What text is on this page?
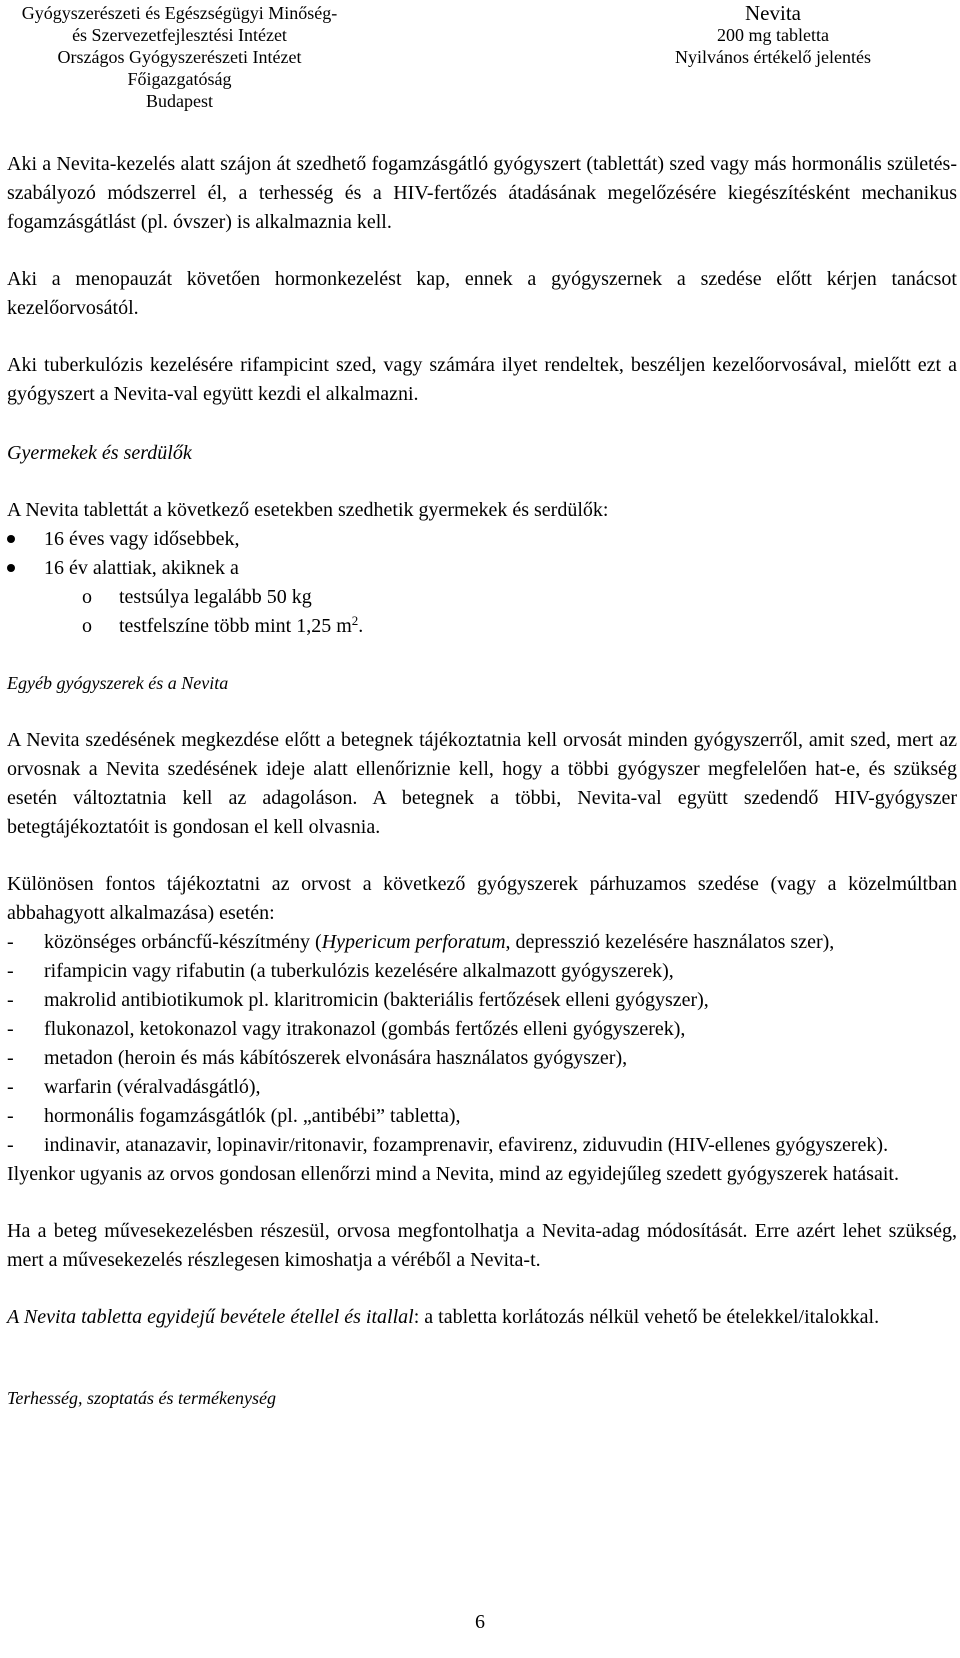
Gyógyszerészeti és Egészségügyi Minőség-
és Szervezetfejlesztési Intézet
Országos Gyógyszerészeti Intézet
Főigazgatóság
Budapest
Nevita
200 mg tabletta
Nyilvános értékelő jelentés

Aki a Nevita-kezelés alatt szájon át szedhető fogamzásgátló gyógyszert (tablettát) szed vagy más hormonális születés-szabályozó módszerrel él, a terhesség és a HIV-fertőzés átadásának megelőzésére kiegészítésként mechanikus fogamzásgátlást (pl. óvszer) is alkalmaznia kell.

Aki a menopauzát követően hormonkezelést kap, ennek a gyógyszernek a szedése előtt kérjen tanácsot kezelőorvosától.

Aki tuberkulózis kezelésére rifampicint szed, vagy számára ilyet rendeltek, beszéljen kezelőorvosával, mielőtt ezt a gyógyszert a Nevita-val együtt kezdi el alkalmazni.

Gyermekek és serdülők

A Nevita tablettát a következő esetekben szedhetik gyermekek és serdülők:

16 éves vagy idősebbek,
16 év alattiak, akiknek a
o testsúlya legalább 50 kg
o testfelszíne több mint 1,25 $m^2$.

Egyéb gyógyszerek és a Nevita

A Nevita szedésének megkezdése előtt a betegnek tájékoztatnia kell orvosát minden gyógyszerről, amit szed, mert az orvosnak a Nevita szedésének ideje alatt ellenőriznie kell, hogy a többi gyógyszer megfelelően hat-e, és szükség esetén változtatnia kell az adagoláson. A betegnek a többi, Nevita-val együtt szedendő HIV-gyógyszer betegtájékoztatóit is gondosan el kell olvasnia.

Különösen fontos tájékoztatni az orvost a következő gyógyszerek párhuzamos szedése (vagy a közelmúltban abbahagyott alkalmazása) esetén:

- közönséges orbáncfű-készítmény (Hypericum perforatum, depresszió kezelésére használatos szer),
- rifampicin vagy rifabutin (a tuberkulózis kezelésére alkalmazott gyógyszerek),
- makrolid antibiotikumok pl. klaritromicin (bakteriális fertőzések elleni gyógyszer),
- flukonazol, ketokonazol vagy itrakonazol (gombás fertőzés elleni gyógyszerek),
- metadon (heroin és más kábítószerek elvonására használatos gyógyszer),
- warfarin (véralvadásgátló),
- hormonális fogamzásgátlók (pl. „antibébi” tabletta),
- indinavir, atanazavir, lopinavir/ritonavir, fozamprenavir, efavirenz, ziduvudin (HIV-ellenes gyógyszerek).

Ilyenkor ugyanis az orvos gondosan ellenőrzi mind a Nevita, mind az egyidejűleg szedett gyógyszerek hatásait.

Ha a beteg művesekezelésben részesül, orvosa megfontolhatja a Nevita-adag módosítását. Erre azért lehet szükség, mert a művesekezelés részlegesen kimoshatja a véréből a Nevita-t.

A Nevita tabletta egyidejű bevétele étellel és itallal: a tabletta korlátozás nélkül vehető be ételekkel/italokkal.

Terhesség, szoptatás és termékenység

6
